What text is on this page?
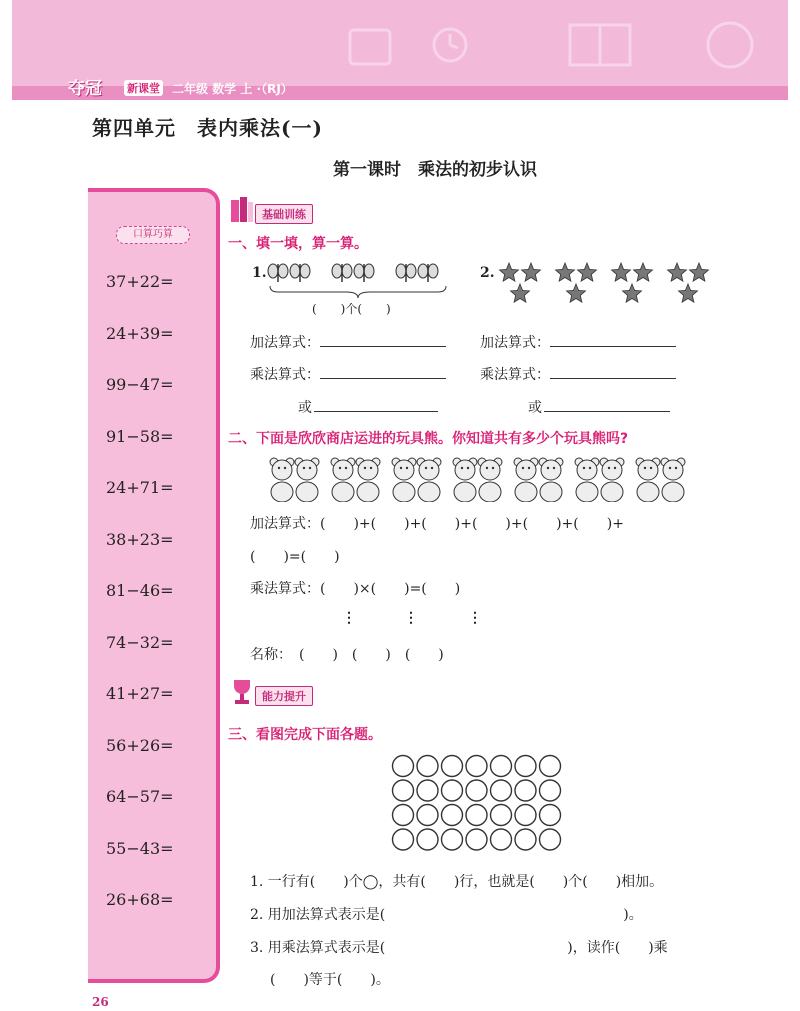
夺冠 新课堂 二年级 数学 上 ·（RJ）
第四单元　表内乘法(一)
第一课时　乘法的初步认识
口算巧算
37+22=
24+39=
99−47=
91−58=
24+71=
38+23=
81−46=
74−32=
41+27=
56+26=
64−57=
55−43=
26+68=
基础训练
一、填一填，算一算。
1.
(　　)个(　　)
2.
加法算式：	加法算式：
乘法算式：	乘法算式：
或	或
二、下面是欣欣商店运进的玩具熊。你知道共有多少个玩具熊吗?
加法算式：(　　)+(　　)+(　　)+(　　)+(　　)+(　　)+
(　　)=(　　)
乘法算式：(　　)×(　　)=(　　)
⋮	⋮	⋮
名称：　(　　)　(　　)　(　　)
能力提升
三、看图完成下面各题。
1. 一行有(　　)个◯，共有(　　)行，也就是(　　)个(　　)相加。
2. 用加法算式表示是(　　　　　　　　　　　　　　　　　)。
3. 用乘法算式表示是(　　　　　　　　　　　　　)，读作(　　)乘
(　　)等于(　　)。
26
